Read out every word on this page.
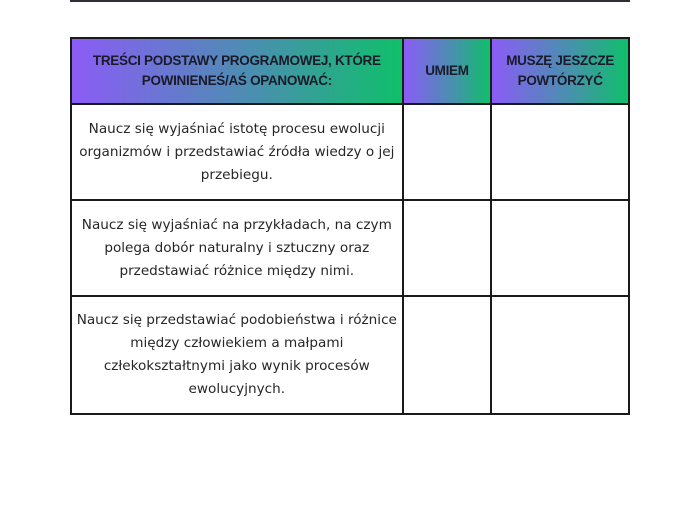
TREŚCI PODSTAWY PROGRAMOWEJ, KTÓRE
POWINIENEŚ/AŚ OPANOWAĆ:	UMIEM	MUSZĘ JESZCZE
POWTÓRZYĆ

Naucz się wyjaśniać istotę procesu ewolucji
organizmów i przedstawiać źródła wiedzy o jej
przebiegu.		

Naucz się wyjaśniać na przykładach, na czym
polega dobór naturalny i sztuczny oraz
przedstawiać różnice między nimi.		

Naucz się przedstawiać podobieństwa i różnice
między człowiekiem a małpami
człekokształtnymi jako wynik procesów
ewolucyjnych.		
